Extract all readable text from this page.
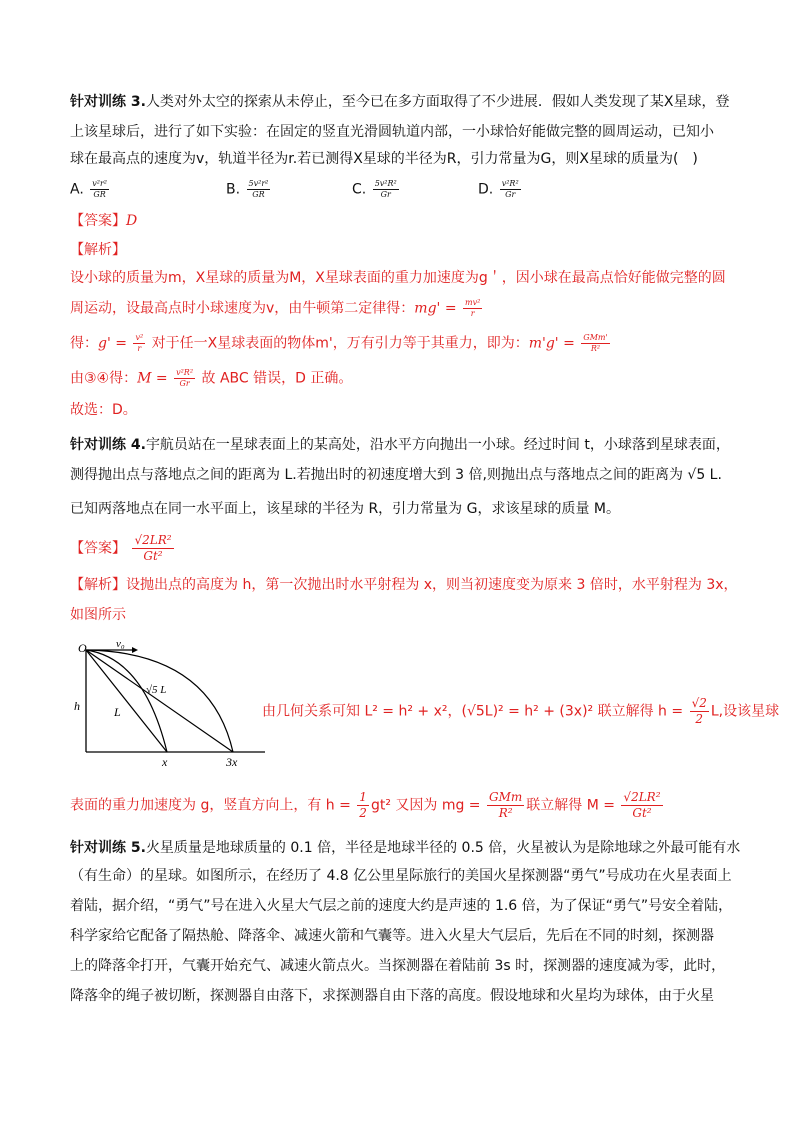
针对训练 3.人类对外太空的探索从未停止，至今已在多方面取得了不少进展．假如人类发现了某X星球，登
上该星球后，进行了如下实验：在固定的竖直光滑圆轨道内部，一小球恰好能做完整的圆周运动，已知小
球在最高点的速度为v，轨道半径为r.若已测得X星球的半径为R，引力常量为G，则X星球的质量为(　)
A. $\frac{\text{v²r²}}{GR}$	B. $\frac{\text{5v²r²}}{GR}$	C. $\frac{\text{5v²R²}}{Gr}$	D. $\frac{\text{v²R²}}{Gr}$
【答案】D
【解析】
设小球的质量为m，X星球的质量为M，X星球表面的重力加速度为g＇，因小球在最高点恰好能做完整的圆
周运动，设最高点时小球速度为v，由牛顿第二定律得：$mg' = \frac{\text{mv²}}{r}$
得：$g' = \frac{\text{v²}}{r}$ 对于任一X星球表面的物体m'，万有引力等于其重力，即为：$m'g' = \frac{\text{GMm'}}{\text{R²}}$
由③④得：$M = \frac{\text{v²R²}}{Gr}$ 故 ABC 错误，D 正确。
故选：D。
针对训练 4.宇航员站在一星球表面上的某高处，沿水平方向抛出一小球。经过时间 t，小球落到星球表面，
测得抛出点与落地点之间的距离为 L.若抛出时的初速度增大到 3 倍,则抛出点与落地点之间的距离为 √5 L.
已知两落地点在同一水平面上，该星球的半径为 R，引力常量为 G，求该星球的质量 M。
【答案】 $\frac{\text{√2LR²}}{\text{Gt²}}$
【解析】设抛出点的高度为 h，第一次抛出时水平射程为 x，则当初速度变为原来 3 倍时，水平射程为 3x，
如图所示
O	v₀
h	L
√5 L
x	3x
由几何关系可知 L² = h² + x²，(√5L)² = h² + (3x)² 联立解得 $h = \frac{√2}{2} L$,设该星球
表面的重力加速度为 g，竖直方向上，有 $h = \frac{1}{2} gt^2$ 又因为 mg = $\frac{\text{GMm}}{\text{R²}}$ 联立解得 $M = \frac{\text{√2LR²}}{\text{Gt²}}$
针对训练 5.火星质量是地球质量的 0.1 倍，半径是地球半径的 0.5 倍，火星被认为是除地球之外最可能有水
（有生命）的星球。如图所示，在经历了 4.8 亿公里星际旅行的美国火星探测器“勇气”号成功在火星表面上
着陆，据介绍，“勇气”号在进入火星大气层之前的速度大约是声速的 1.6 倍，为了保证“勇气”号安全着陆，
科学家给它配备了隔热舱、降落伞、减速火箭和气囊等。进入火星大气层后，先后在不同的时刻，探测器
上的降落伞打开，气囊开始充气、减速火箭点火。当探测器在着陆前 3s 时，探测器的速度减为零，此时，
降落伞的绳子被切断，探测器自由落下，求探测器自由下落的高度。假设地球和火星均为球体，由于火星
